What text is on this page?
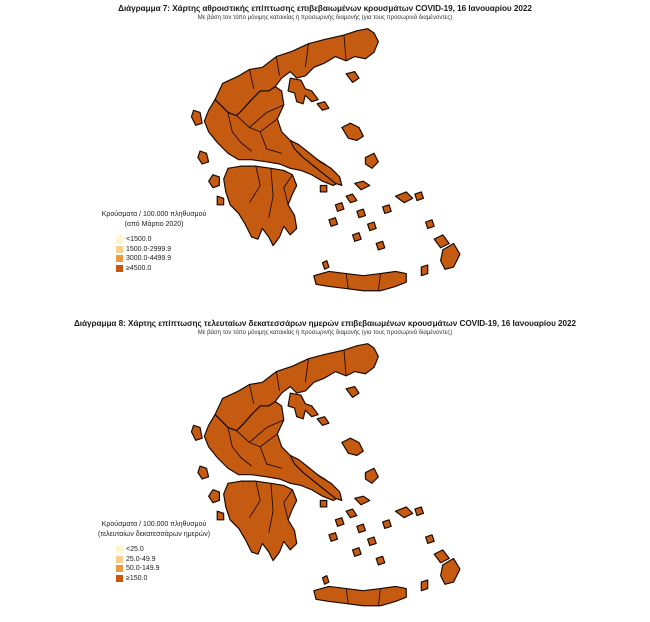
Διάγραμμα 7: Χάρτης αθροιστικής επίπτωσης επιβεβαιωμένων κρουσμάτων COVID-19, 16 Ιανουαρίου 2022
Με βάση τον τόπο μόνιμης κατοικίας ή προσωρινής διαμονής (για τους προσωρινά διαμένοντες)
Κρούσματα / 100.000 πληθυσμού
(από Μάρτιο 2020)
<1500.0
1500.0-2999.9
3000.0-4499.9
≥4500.0
Διάγραμμα 8: Χάρτης επίπτωσης τελευταίων δεκατεσσάρων ημερών επιβεβαιωμένων κρουσμάτων COVID-19, 16 Ιανουαρίου 2022
Με βάση τον τόπο μόνιμης κατοικίας ή προσωρινής διαμονής (για τους προσωρινά διαμένοντες)
Κρούσματα / 100.000 πληθυσμού
(τελευταίων δεκατεσσάρων ημερών)
<25.0
25.0-49.9
50.0-149.9
≥150.0
